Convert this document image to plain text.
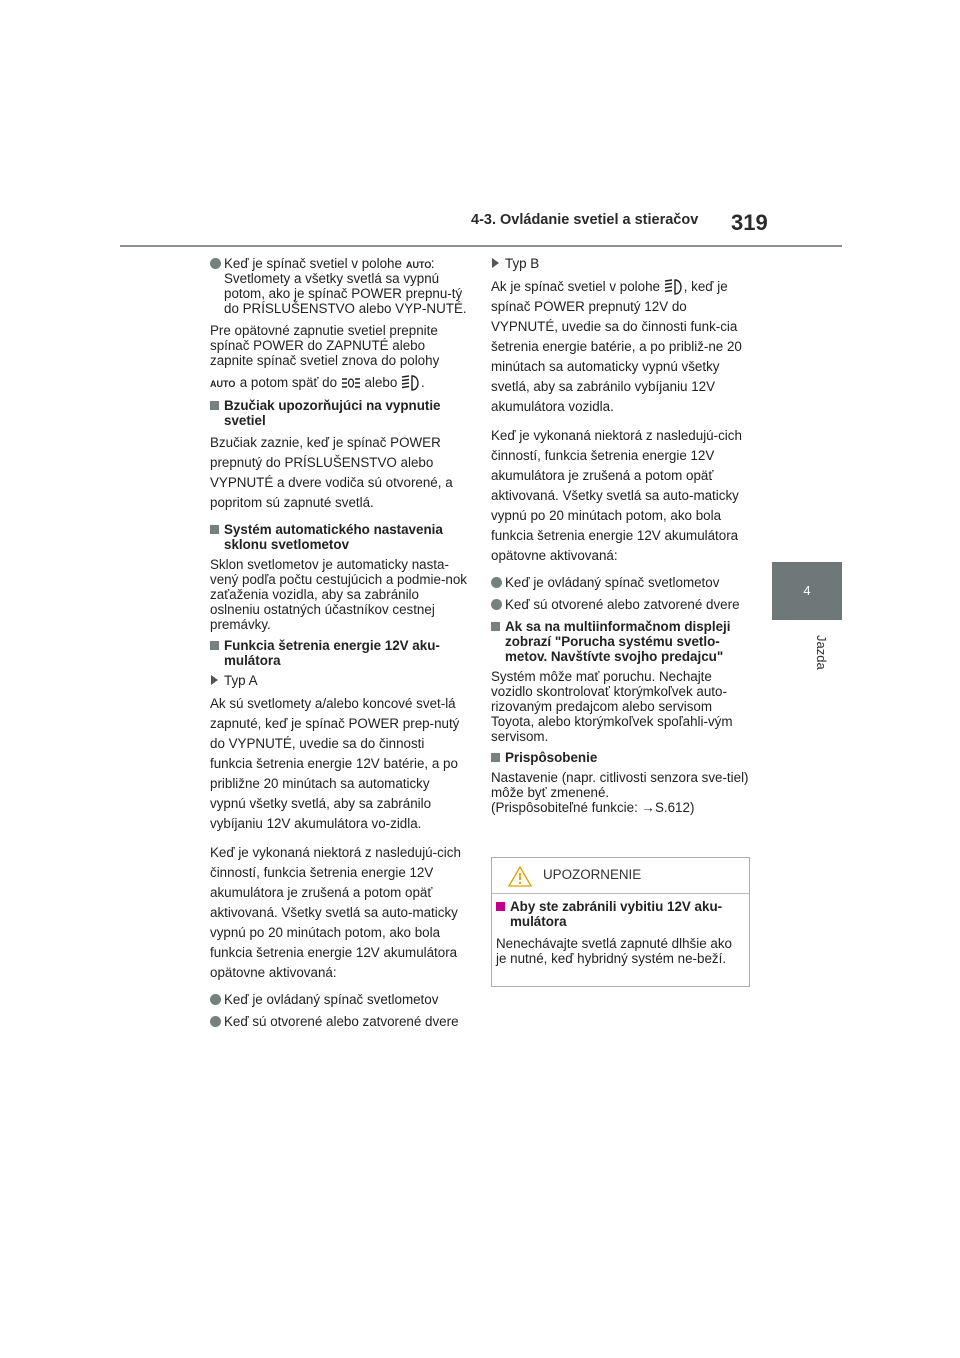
4-3. Ovládanie svetiel a stieračov 319
4
Jazda
Keď je spínač svetiel v polohe AUTO : Svetlomety a všetky svetlá sa vypnú potom, ako je spínač POWER prepnu-tý do PRÍSLUŠENSTVO alebo VYP-NUTÉ.
Pre opätovné zapnutie svetiel prepnite spínač POWER do ZAPNUTÉ alebo zapnite spínač svetiel znova do polohy
AUTO a potom späť do alebo .
Bzučiak upozorňujúci na vypnutie svetiel
Bzučiak zaznie, keď je spínač POWER prepnutý do PRÍSLUŠENSTVO alebo VYPNUTÉ a dvere vodiča sú otvorené, a popritom sú zapnuté svetlá.
Systém automatického nastavenia sklonu svetlometov
Sklon svetlometov je automaticky nasta-vený podľa počtu cestujúcich a podmie-nok zaťaženia vozidla, aby sa zabránilo oslneniu ostatných účastníkov cestnej premávky.
Funkcia šetrenia energie 12V aku-mulátora
Typ A
Ak sú svetlomety a/alebo koncové svet-lá zapnuté, keď je spínač POWER prep-nutý do VYPNUTÉ, uvedie sa do činnosti funkcia šetrenia energie 12V batérie, a po približne 20 minútach sa automaticky vypnú všetky svetlá, aby sa zabránilo vybíjaniu 12V akumulátora vo-zidla.
Keď je vykonaná niektorá z nasledujú-cich činností, funkcia šetrenia energie 12V akumulátora je zrušená a potom opäť aktivovaná. Všetky svetlá sa auto-maticky vypnú po 20 minútach potom, ako bola funkcia šetrenia energie 12V akumulátora opätovne aktivovaná:
Keď je ovládaný spínač svetlometov
Keď sú otvorené alebo zatvorené dvere
Typ B
Ak je spínač svetiel v polohe , keď je spínač POWER prepnutý 12V do VYPNUTÉ, uvedie sa do činnosti funk-cia šetrenia energie batérie, a po približ-ne 20 minútach sa automaticky vypnú všetky svetlá, aby sa zabránilo vybíjaniu 12V akumulátora vozidla.
Keď je vykonaná niektorá z nasledujú-cich činností, funkcia šetrenia energie 12V akumulátora je zrušená a potom opäť aktivovaná. Všetky svetlá sa auto-maticky vypnú po 20 minútach potom, ako bola funkcia šetrenia energie 12V akumulátora opätovne aktivovaná:
Keď je ovládaný spínač svetlometov
Keď sú otvorené alebo zatvorené dvere
Ak sa na multiinformačnom displeji zobrazí "Porucha systému svetlo-metov. Navštívte svojho predajcu"
Systém môže mať poruchu. Nechajte vozidlo skontrolovať ktorýmkoľvek auto-rizovaným predajcom alebo servisom Toyota, alebo ktorýmkoľvek spoľahli-vým servisom.
Prispôsobenie
Nastavenie (napr. citlivosti senzora sve-tiel) môže byť zmenené.
(Prispôsobiteľné funkcie: →S.612)
UPOZORNENIE
Aby ste zabránili vybitiu 12V aku-mulátora
Nenechávajte svetlá zapnuté dlhšie ako je nutné, keď hybridný systém ne-beží.
